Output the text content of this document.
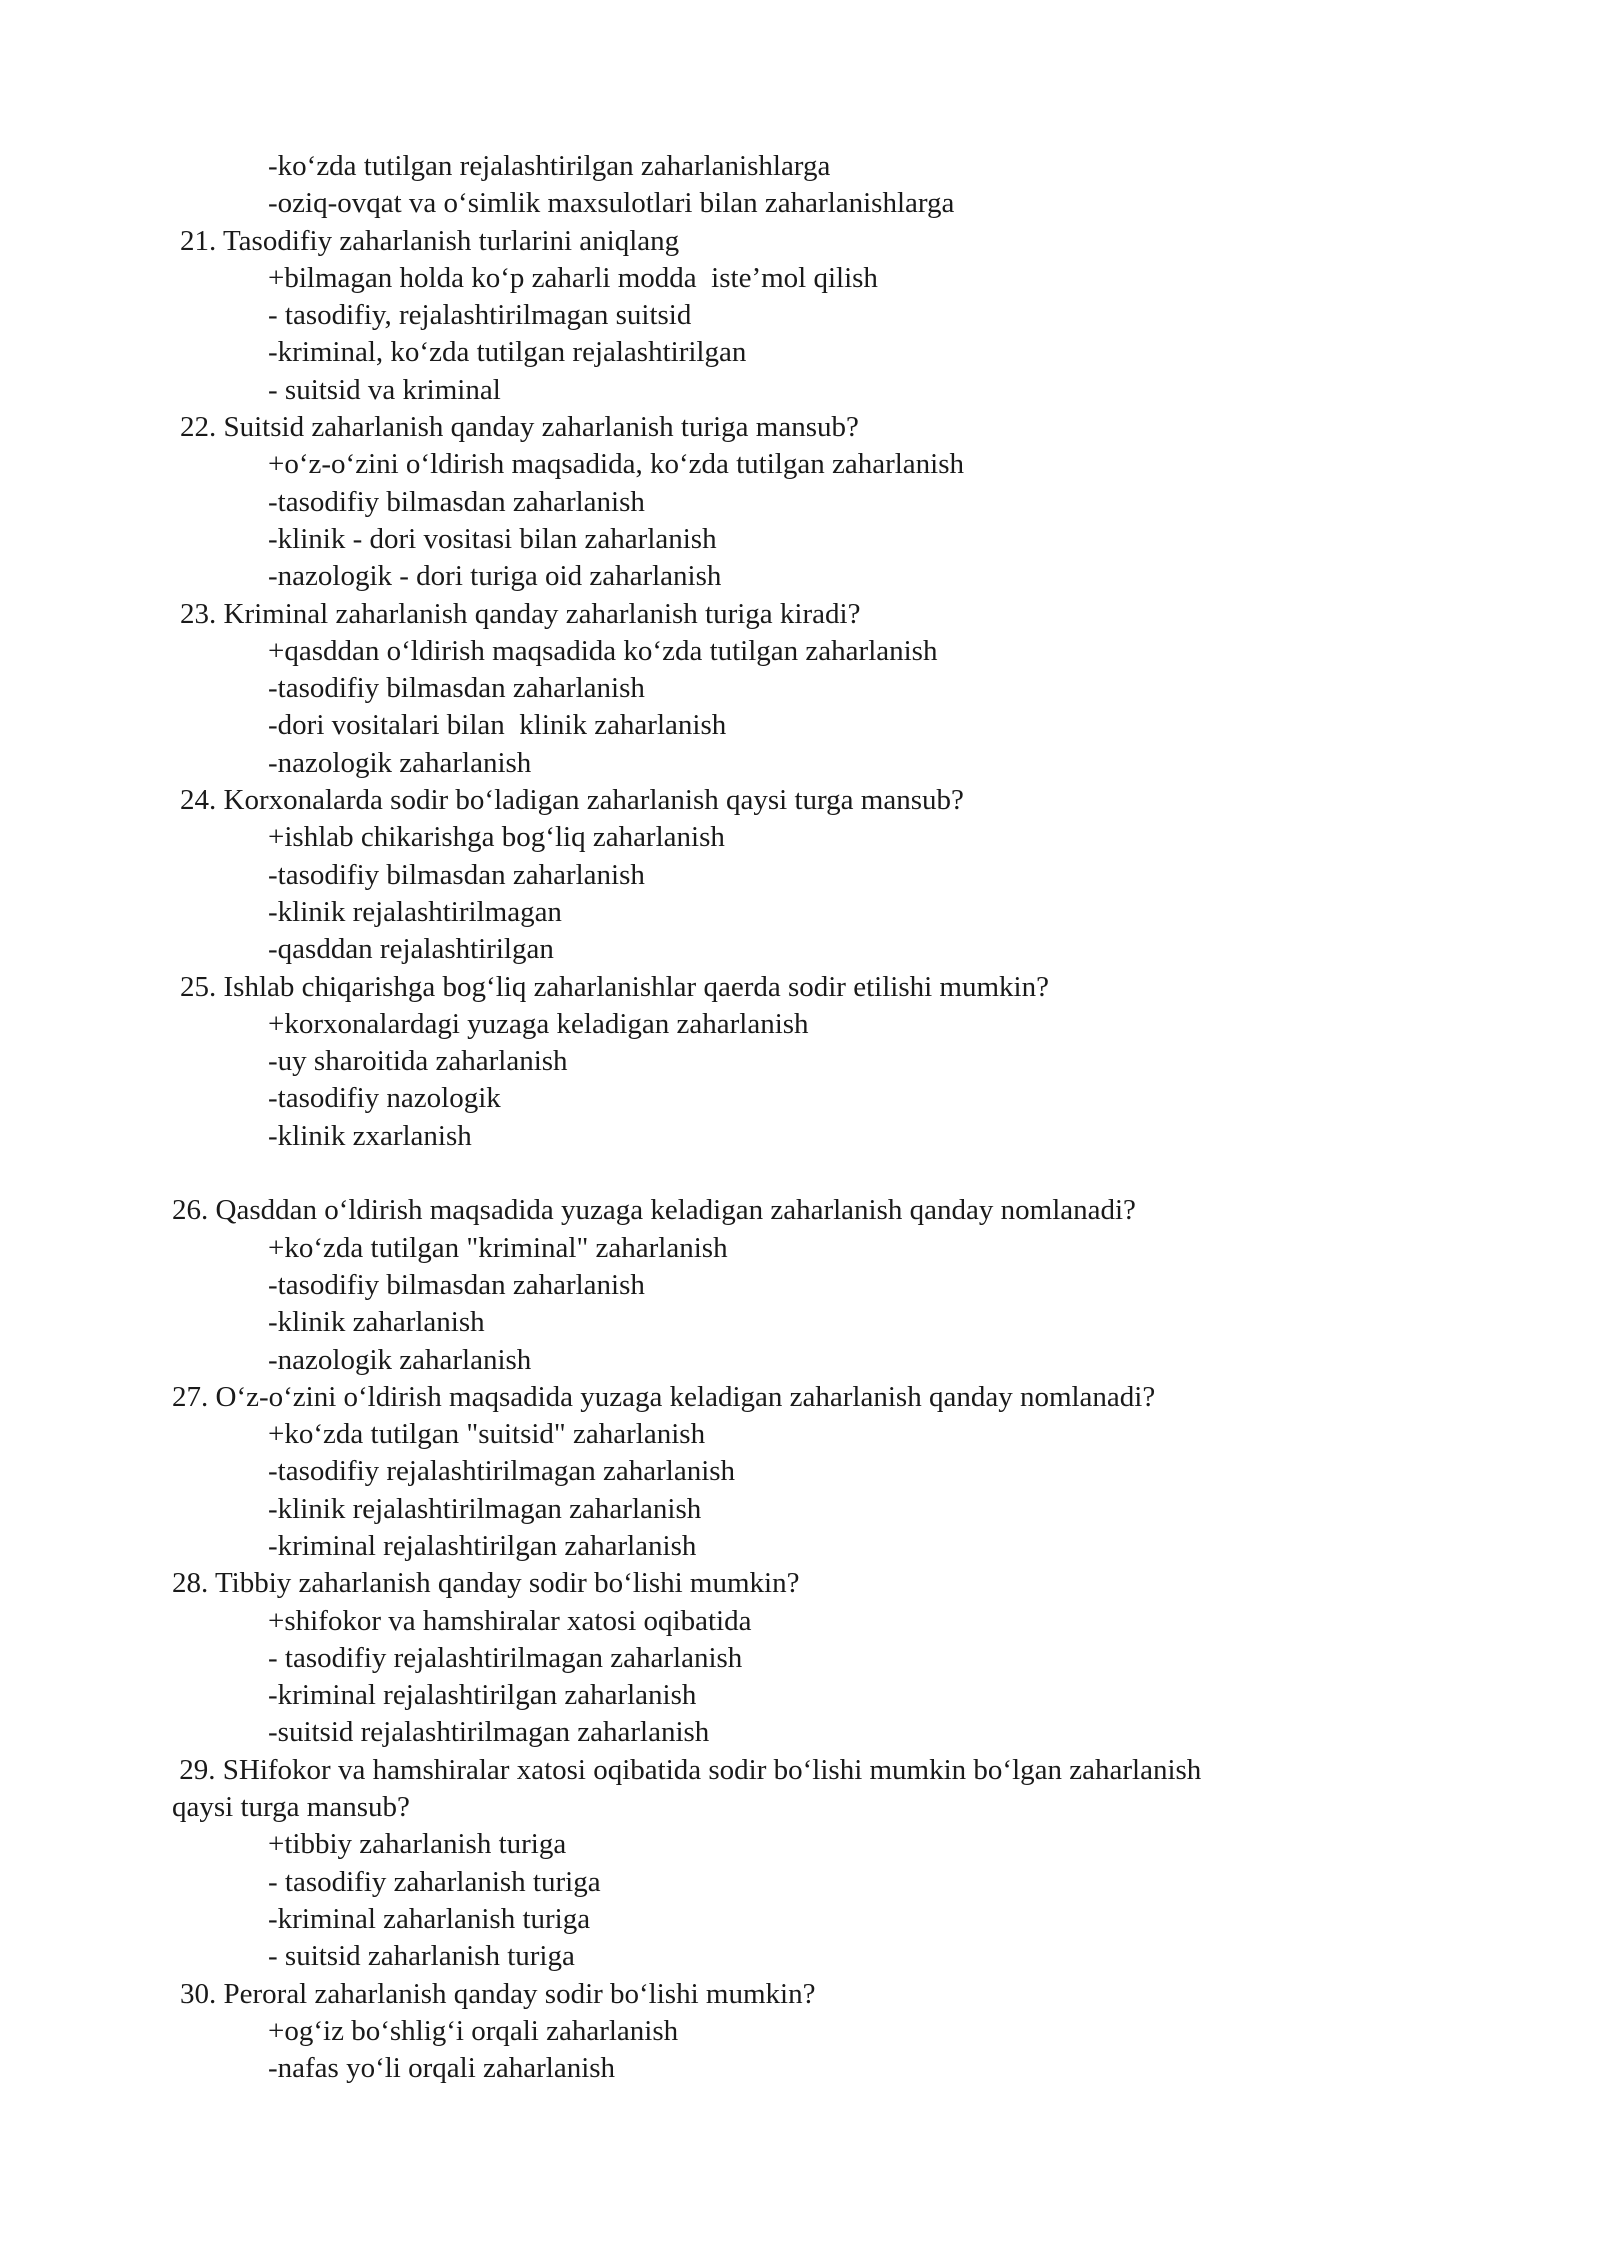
-ko‘zda tutilgan rejalashtirilgan zaharlanishlarga
-oziq-ovqat va o‘simlik maxsulotlari bilan zaharlanishlarga
21. Tasodifiy zaharlanish turlarini aniqlang
+bilmagan holda ko‘p zaharli modda  iste’mol qilish
- tasodifiy, rejalashtirilmagan suitsid
-kriminal, ko‘zda tutilgan rejalashtirilgan
- suitsid va kriminal
22. Suitsid zaharlanish qanday zaharlanish turiga mansub?
+o‘z-o‘zini o‘ldirish maqsadida, ko‘zda tutilgan zaharlanish
-tasodifiy bilmasdan zaharlanish
-klinik - dori vositasi bilan zaharlanish
-nazologik - dori turiga oid zaharlanish
23. Kriminal zaharlanish qanday zaharlanish turiga kiradi?
+qasddan o‘ldirish maqsadida ko‘zda tutilgan zaharlanish
-tasodifiy bilmasdan zaharlanish
-dori vositalari bilan  klinik zaharlanish
-nazologik zaharlanish
24. Korxonalarda sodir bo‘ladigan zaharlanish qaysi turga mansub?
+ishlab chikarishga bog‘liq zaharlanish
-tasodifiy bilmasdan zaharlanish
-klinik rejalashtirilmagan
-qasddan rejalashtirilgan
25. Ishlab chiqarishga bog‘liq zaharlanishlar qaerda sodir etilishi mumkin?
+korxonalardagi yuzaga keladigan zaharlanish
-uy sharoitida zaharlanish
-tasodifiy nazologik
-klinik zxarlanish
26. Qasddan o‘ldirish maqsadida yuzaga keladigan zaharlanish qanday nomlanadi?
+ko‘zda tutilgan "kriminal" zaharlanish
-tasodifiy bilmasdan zaharlanish
-klinik zaharlanish
-nazologik zaharlanish
27. O‘z-o‘zini o‘ldirish maqsadida yuzaga keladigan zaharlanish qanday nomlanadi?
+ko‘zda tutilgan "suitsid" zaharlanish
-tasodifiy rejalashtirilmagan zaharlanish
-klinik rejalashtirilmagan zaharlanish
-kriminal rejalashtirilgan zaharlanish
28. Tibbiy zaharlanish qanday sodir bo‘lishi mumkin?
+shifokor va hamshiralar xatosi oqibatida
- tasodifiy rejalashtirilmagan zaharlanish
-kriminal rejalashtirilgan zaharlanish
-suitsid rejalashtirilmagan zaharlanish
29. SHifokor va hamshiralar xatosi oqibatida sodir bo‘lishi mumkin bo‘lgan zaharlanish
qaysi turga mansub?
+tibbiy zaharlanish turiga
- tasodifiy zaharlanish turiga
-kriminal zaharlanish turiga
- suitsid zaharlanish turiga
30. Peroral zaharlanish qanday sodir bo‘lishi mumkin?
+og‘iz bo‘shlig‘i orqali zaharlanish
-nafas yo‘li orqali zaharlanish
